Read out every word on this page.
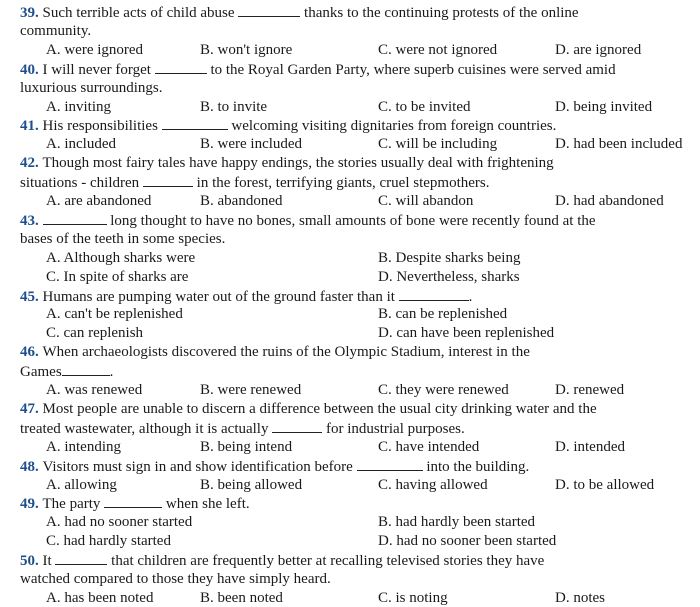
39. Such terrible acts of child abuse	thanks to the continuing protests of the online
community.
A. were ignored	B. won't ignore	C. were not ignored	D. are ignored
40. I will never forget	to the Royal Garden Party, where superb cuisines were served amid
luxurious surroundings.
A. inviting	B. to invite	C. to be invited	D. being invited
41. His responsibilities	welcoming visiting dignitaries from foreign countries.
A. included	B. were included	C. will be including	D. had been included
42. Though most fairy tales have happy endings, the stories usually deal with frightening
situations - children	in the forest, terrifying giants, cruel stepmothers.
A. are abandoned	B. abandoned	C. will abandon	D. had abandoned
43.	long thought to have no bones, small amounts of bone were recently found at the
bases of the teeth in some species.
A. Although sharks were	B. Despite sharks being
C. In spite of sharks are	D. Nevertheless, sharks
45. Humans are pumping water out of the ground faster than it	.
A. can't be replenished	B. can be replenished
C. can replenish	D. can have been replenished
46. When archaeologists discovered the ruins of the Olympic Stadium, interest in the
Games	.
A. was renewed	B. were renewed	C. they were renewed	D. renewed
47. Most people are unable to discern a difference between the usual city drinking water and the
treated wastewater, although it is actually	for industrial purposes.
A. intending	B. being intend	C. have intended	D. intended
48. Visitors must sign in and show identification before	into the building.
A. allowing	B. being allowed	C. having allowed	D. to be allowed
49. The party	when she left.
A. had no sooner started	B. had hardly been started
C. had hardly started	D. had no sooner been started
50. It	that children are frequently better at recalling televised stories they have
watched compared to those they have simply heard.
A. has been noted	B. been noted	C. is noting	D. notes
